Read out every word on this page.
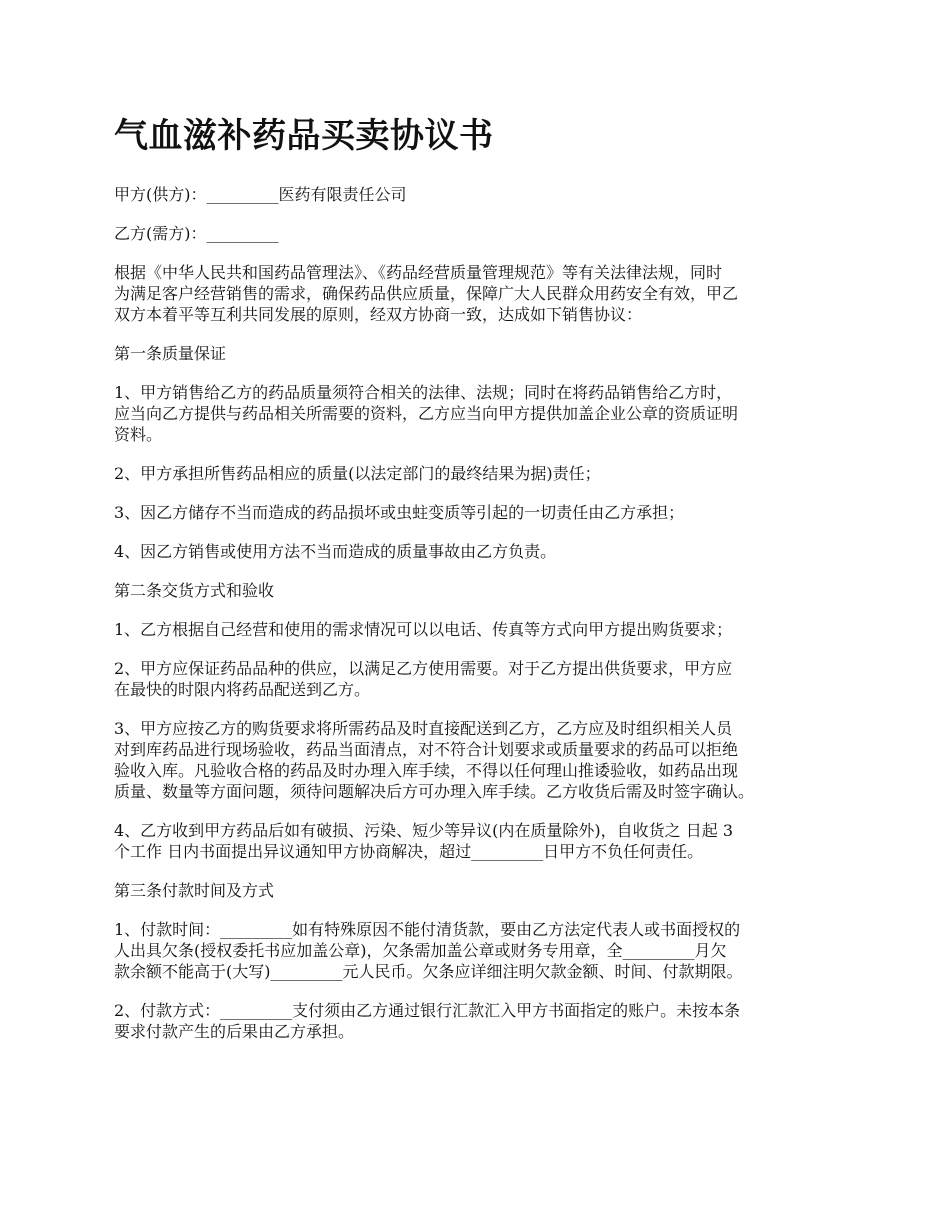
气血滋补药品买卖协议书

甲方(供方)：_________医药有限责任公司

乙方(需方)：_________

根据《中华人民共和国药品管理法》、《药品经营质量管理规范》等有关法律法规，同时
为满足客户经营销售的需求，确保药品供应质量，保障广大人民群众用药安全有效，甲乙
双方本着平等互利共同发展的原则，经双方协商一致，达成如下销售协议：

第一条质量保证

1、甲方销售给乙方的药品质量须符合相关的法律、法规；同时在将药品销售给乙方时，
应当向乙方提供与药品相关所需要的资料，乙方应当向甲方提供加盖企业公章的资质证明
资料。

2、甲方承担所售药品相应的质量(以法定部门的最终结果为据)责任；

3、因乙方储存不当而造成的药品损坏或虫蛀变质等引起的一切责任由乙方承担；

4、因乙方销售或使用方法不当而造成的质量事故由乙方负责。

第二条交货方式和验收

1、乙方根据自己经营和使用的需求情况可以以电话、传真等方式向甲方提出购货要求；

2、甲方应保证药品品种的供应，以满足乙方使用需要。对于乙方提出供货要求，甲方应
在最快的时限内将药品配送到乙方。

3、甲方应按乙方的购货要求将所需药品及时直接配送到乙方，乙方应及时组织相关人员
对到库药品进行现场验收，药品当面清点，对不符合计划要求或质量要求的药品可以拒绝
验收入库。凡验收合格的药品及时办理入库手续，不得以任何理山推诿验收，如药品出现
质量、数量等方面问题，须待问题解决后方可办理入库手续。乙方收货后需及时签字确认。

4、乙方收到甲方药品后如有破损、污染、短少等异议(内在质量除外)，自收货之 日起 3
个工作 日内书面提出异议通知甲方协商解决，超过_________日甲方不负任何责任。

第三条付款时间及方式

1、付款时间：_________如有特殊原因不能付清货款，要由乙方法定代表人或书面授权的
人出具欠条(授权委托书应加盖公章)，欠条需加盖公章或财务专用章，全_________月欠
款余额不能高于(大写)_________元人民币。欠条应详细注明欠款金额、时间、付款期限。

2、付款方式：_________支付须由乙方通过银行汇款汇入甲方书面指定的账户。未按本条
要求付款产生的后果由乙方承担。
